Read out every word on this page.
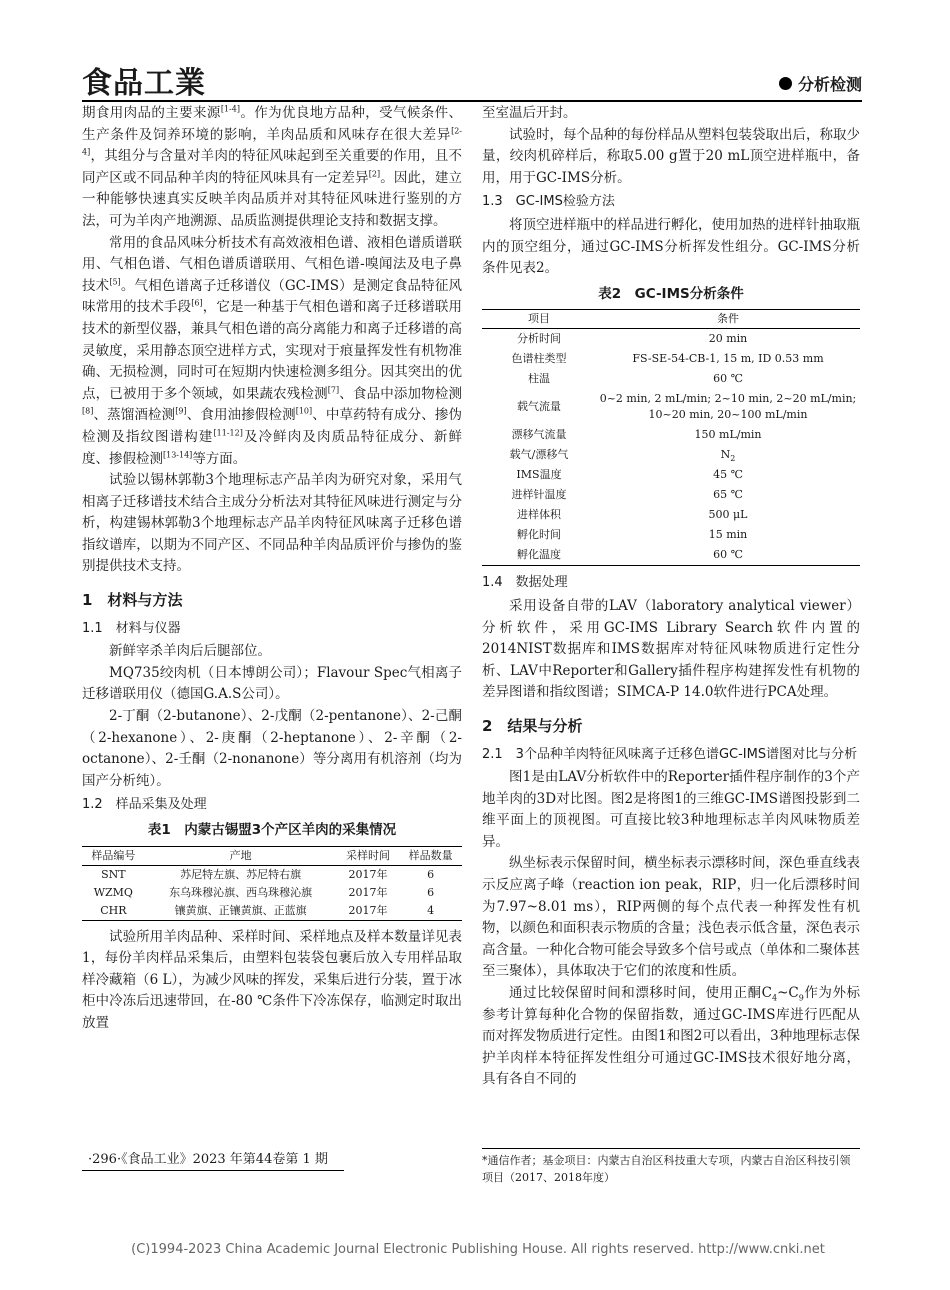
食品工業	分析检测

期食用肉品的主要来源[1-4]。作为优良地方品种，受气候条件、生产条件及饲养环境的影响，羊肉品质和风味存在很大差异[2-4]，其组分与含量对羊肉的特征风味起到至关重要的作用，且不同产区或不同品种羊肉的特征风味具有一定差异[2]。因此，建立一种能够快速真实反映羊肉品质并对其特征风味进行鉴别的方法，可为羊肉产地溯源、品质监测提供理论支持和数据支撑。

常用的食品风味分析技术有高效液相色谱、液相色谱质谱联用、气相色谱、气相色谱质谱联用、气相色谱-嗅闻法及电子鼻技术[5]。气相色谱离子迁移谱仪（GC-IMS）是测定食品特征风味常用的技术手段[6]，它是一种基于气相色谱和离子迁移谱联用技术的新型仪器，兼具气相色谱的高分离能力和离子迁移谱的高灵敏度，采用静态顶空进样方式，实现对于痕量挥发性有机物准确、无损检测，同时可在短期内快速检测多组分。因其突出的优点，已被用于多个领域，如果蔬农残检测[7]、食品中添加物检测[8]、蒸馏酒检测[9]、食用油掺假检测[10]、中草药特有成分、掺伪检测及指纹图谱构建[11-12]及冷鲜肉及肉质品特征成分、新鲜度、掺假检测[13-14]等方面。

试验以锡林郭勒3个地理标志产品羊肉为研究对象，采用气相离子迁移谱技术结合主成分分析法对其特征风味进行测定与分析，构建锡林郭勒3个地理标志产品羊肉特征风味离子迁移色谱指纹谱库，以期为不同产区、不同品种羊肉品质评价与掺伪的鉴别提供技术支持。

1　材料与方法
1.1　材料与仪器

新鲜宰杀羊肉后后腿部位。

MQ735绞肉机（日本博朗公司）；Flavour Spec气相离子迁移谱联用仪（德国G.A.S公司）。

2-丁酮（2-butanone）、2-戊酮（2-pentanone）、2-己酮（2-hexanone）、2-庚酮（2-heptanone）、2-辛酮（2-octanone）、2-壬酮（2-nonanone）等分离用有机溶剂（均为国产分析纯）。

1.2　样品采集及处理
表1　内蒙古锡盟3个产区羊肉的采集情况
样品编号	产地	采样时间	样品数量
SNT	苏尼特左旗、苏尼特右旗	2017年	6
WZMQ	东乌珠穆沁旗、西乌珠穆沁旗	2017年	6
CHR	镶黄旗、正镶黄旗、正蓝旗	2017年	4

试验所用羊肉品种、采样时间、采样地点及样本数量详见表1，每份羊肉样品采集后，由塑料包装袋包裹后放入专用样品取样冷藏箱（6 L），为减少风味的挥发，采集后进行分装，置于冰柜中冷冻后迅速带回，在-80 ℃条件下冷冻保存，临测定时取出放置

至室温后开封。

试验时，每个品种的每份样品从塑料包装袋取出后，称取少量，绞肉机碎样后，称取5.00 g置于20 mL顶空进样瓶中，备用，用于GC-IMS分析。

1.3　GC-IMS检验方法

将顶空进样瓶中的样品进行孵化，使用加热的进样针抽取瓶内的顶空组分，通过GC-IMS分析挥发性组分。GC-IMS分析条件见表2。

表2　GC-IMS分析条件
项目	条件
分析时间	20 min
色谱柱类型	FS-SE-54-CB-1, 15 m, ID 0.53 mm
柱温	60 ℃
载气流量	0~2 min, 2 mL/min; 2~10 min, 2~20 mL/min; 10~20 min, 20~100 mL/min
漂移气流量	150 mL/min
载气/漂移气	$N_2$
IMS温度	45 ℃
进样针温度	65 ℃
进样体积	500 μL
孵化时间	15 min
孵化温度	60 ℃
1.4　数据处理

采用设备自带的LAV（laboratory analytical viewer）分析软件，采用GC-IMS Library Search软件内置的2014NIST数据库和IMS数据库对特征风味物质进行定性分析、LAV中Reporter和Gallery插件程序构建挥发性有机物的差异图谱和指纹图谱；SIMCA-P 14.0软件进行PCA处理。

2　结果与分析
2.1　3个品种羊肉特征风味离子迁移色谱GC-IMS谱图对比与分析

图1是由LAV分析软件中的Reporter插件程序制作的3个产地羊肉的3D对比图。图2是将图1的三维GC-IMS谱图投影到二维平面上的顶视图。可直接比较3种地理标志羊肉风味物质差异。

纵坐标表示保留时间，横坐标表示漂移时间，深色垂直线表示反应离子峰（reaction ion peak，RIP，归一化后漂移时间为7.97~8.01 ms），RIP两侧的每个点代表一种挥发性有机物，以颜色和面积表示物质的含量；浅色表示低含量，深色表示高含量。一种化合物可能会导致多个信号或点（单体和二聚体甚至三聚体），具体取决于它们的浓度和性质。

通过比较保留时间和漂移时间，使用正酮$C_4\sim C_9$作为外标参考计算每种化合物的保留指数，通过GC-IMS库进行匹配从而对挥发物质进行定性。由图1和图2可以看出，3种地理标志保护羊肉样本特征挥发性组分可通过GC-IMS技术很好地分离，具有各自不同的

·296·《食品工业》2023 年第44卷第 1 期	*通信作者；基金项目：内蒙古自治区科技重大专项，内蒙古自治区科技引领项目（2017、2018年度）
(C)1994-2023 China Academic Journal Electronic Publishing House. All rights reserved. http://www.cnki.net
